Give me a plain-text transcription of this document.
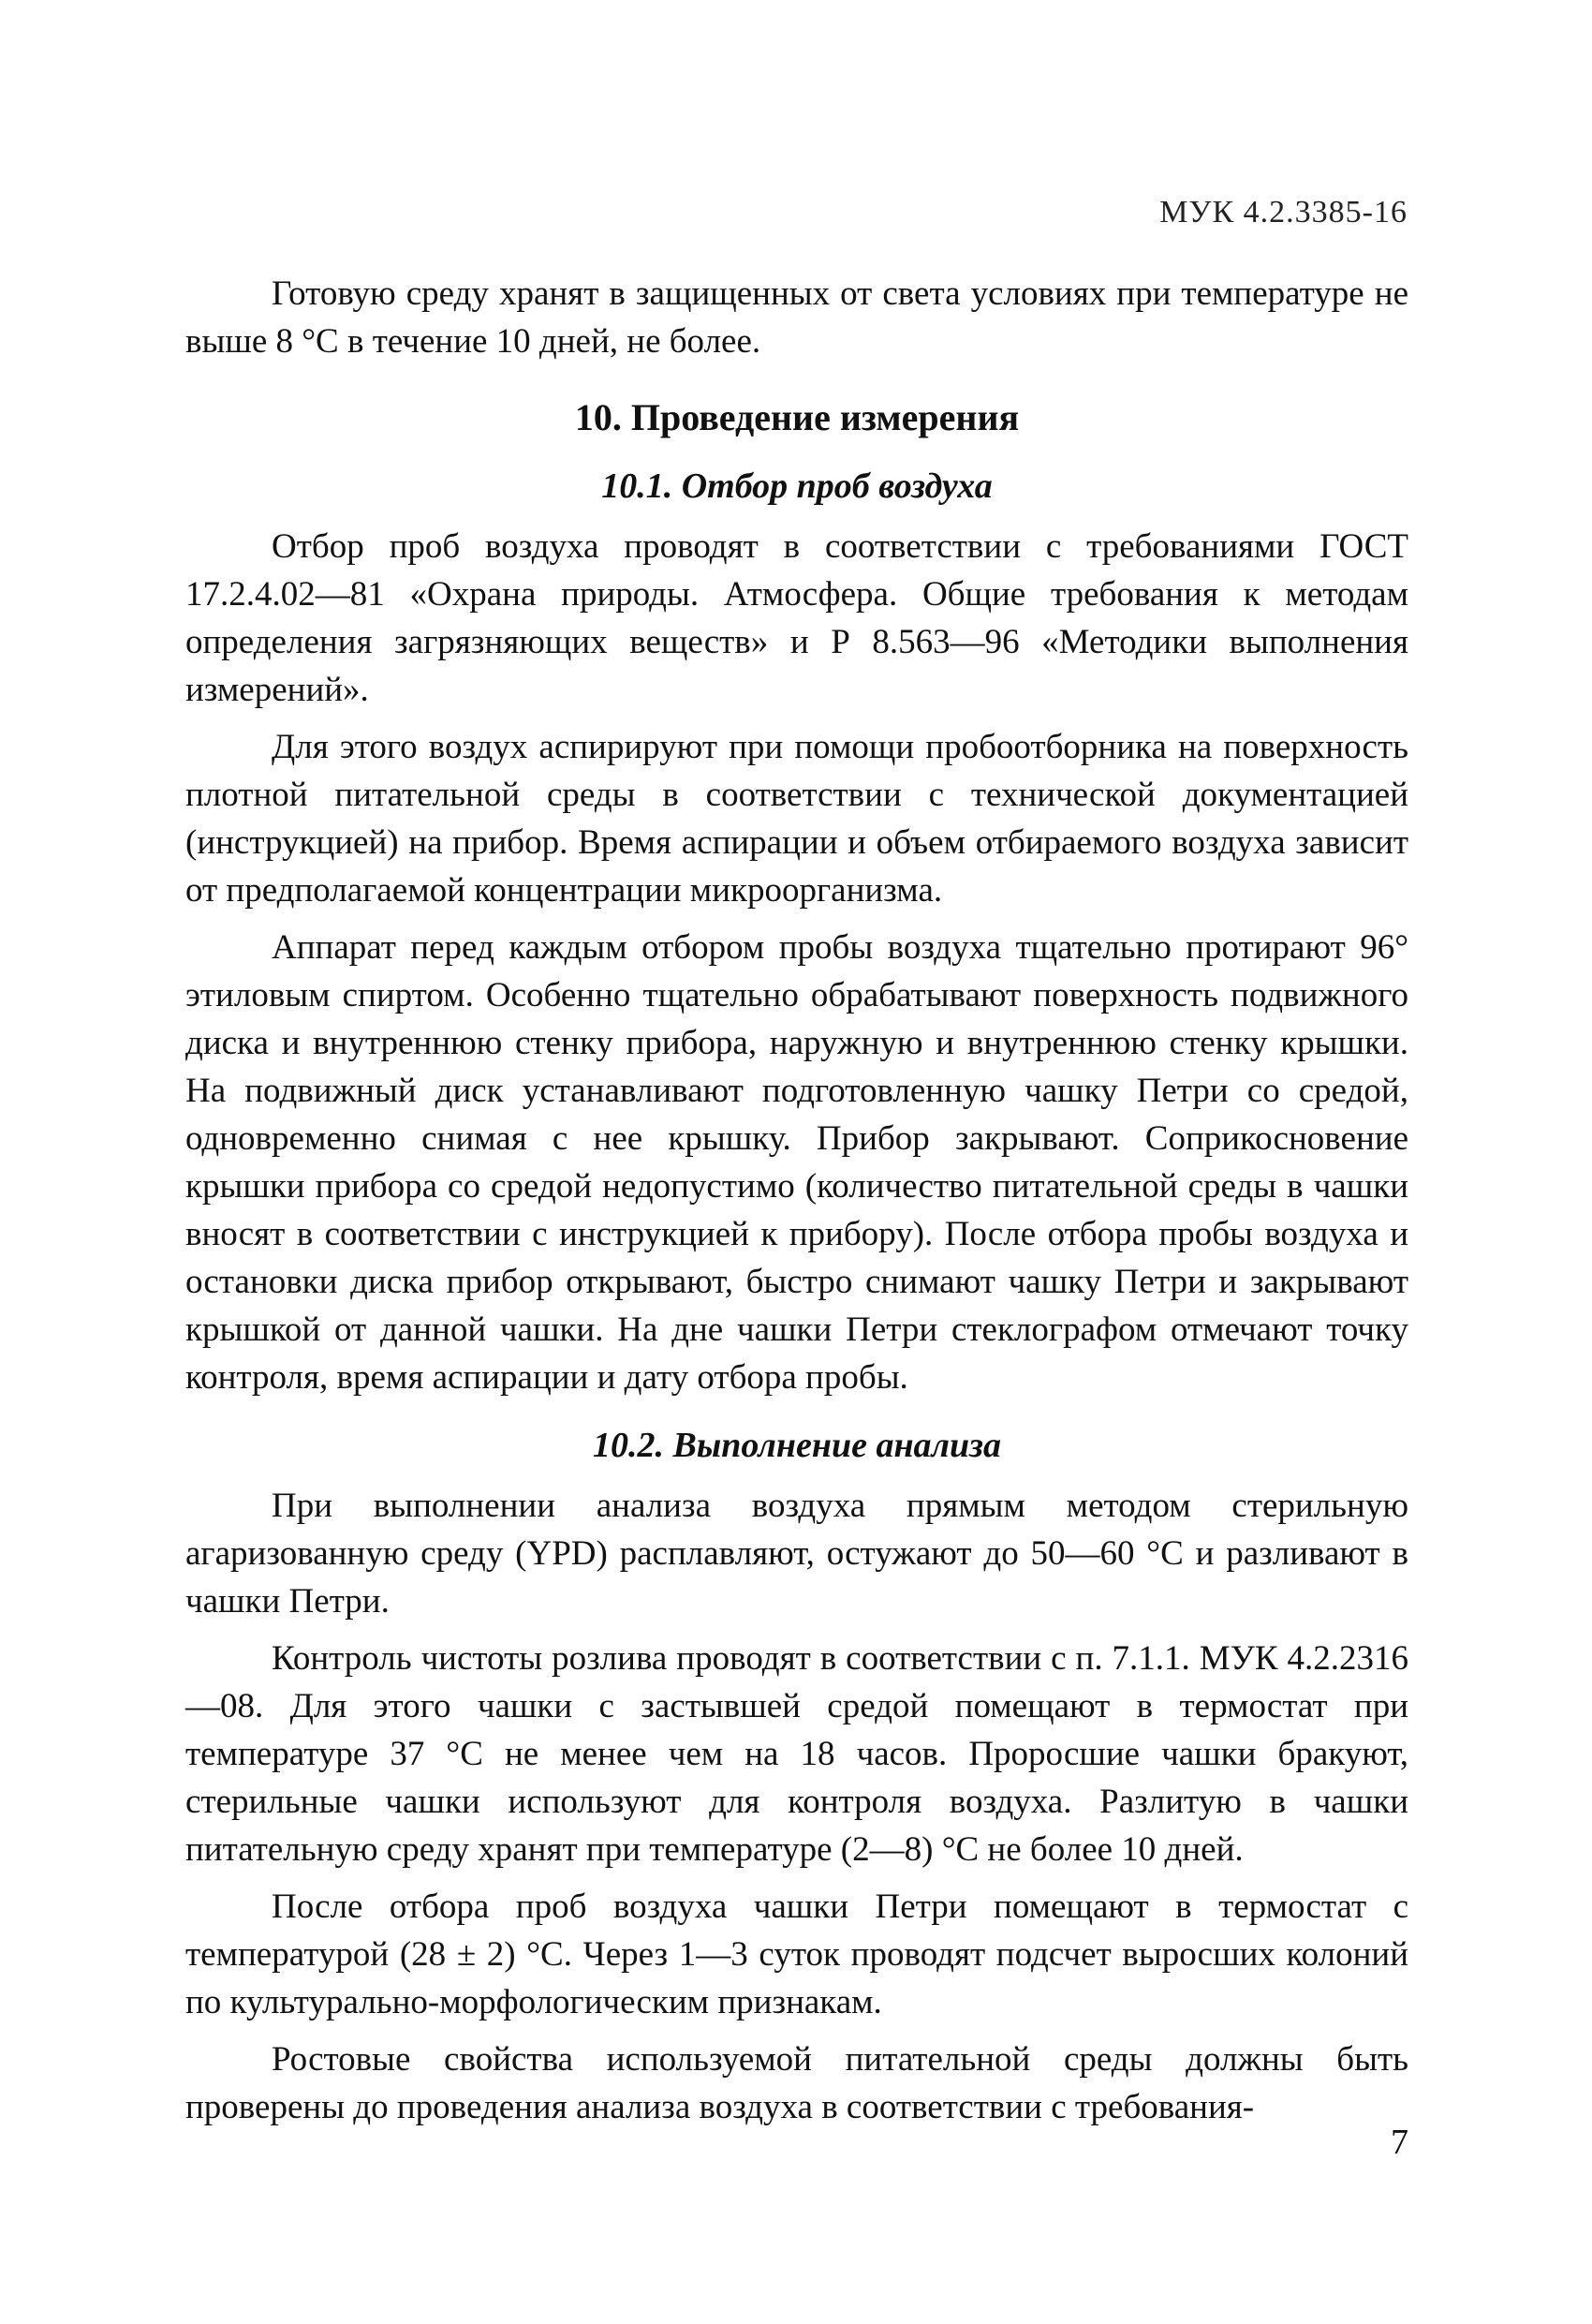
МУК 4.2.3385-16

Готовую среду хранят в защищенных от света условиях при температуре не выше 8 °С в течение 10 дней, не более.

10. Проведение измерения
10.1. Отбор проб воздуха

Отбор проб воздуха проводят в соответствии с требованиями ГОСТ 17.2.4.02—81 «Охрана природы. Атмосфера. Общие требования к методам определения загрязняющих веществ» и Р 8.563—96 «Методики выполнения измерений».

Для этого воздух аспирируют при помощи пробоотборника на поверхность плотной питательной среды в соответствии с технической документацией (инструкцией) на прибор. Время аспирации и объем отбираемого воздуха зависит от предполагаемой концентрации микроорганизма.

Аппарат перед каждым отбором пробы воздуха тщательно протирают 96° этиловым спиртом. Особенно тщательно обрабатывают поверхность подвижного диска и внутреннюю стенку прибора, наружную и внутреннюю стенку крышки. На подвижный диск устанавливают подготовленную чашку Петри со средой, одновременно снимая с нее крышку. Прибор закрывают. Соприкосновение крышки прибора со средой недопустимо (количество питательной среды в чашки вносят в соответствии с инструкцией к прибору). После отбора пробы воздуха и остановки диска прибор открывают, быстро снимают чашку Петри и закрывают крышкой от данной чашки. На дне чашки Петри стеклографом отмечают точку контроля, время аспирации и дату отбора пробы.

10.2. Выполнение анализа

При выполнении анализа воздуха прямым методом стерильную агаризованную среду (YPD) расплавляют, остужают до 50—60 °С и разливают в чашки Петри.

Контроль чистоты розлива проводят в соответствии с п. 7.1.1. МУК 4.2.2316—08. Для этого чашки с застывшей средой помещают в термостат при температуре 37 °С не менее чем на 18 часов. Проросшие чашки бракуют, стерильные чашки используют для контроля воздуха. Разлитую в чашки питательную среду хранят при температуре (2—8) °С не более 10 дней.

После отбора проб воздуха чашки Петри помещают в термостат с температурой (28 ± 2) °С. Через 1—3 суток проводят подсчет выросших колоний по культурально-морфологическим признакам.

Ростовые свойства используемой питательной среды должны быть проверены до проведения анализа воздуха в соответствии с требования-

7
